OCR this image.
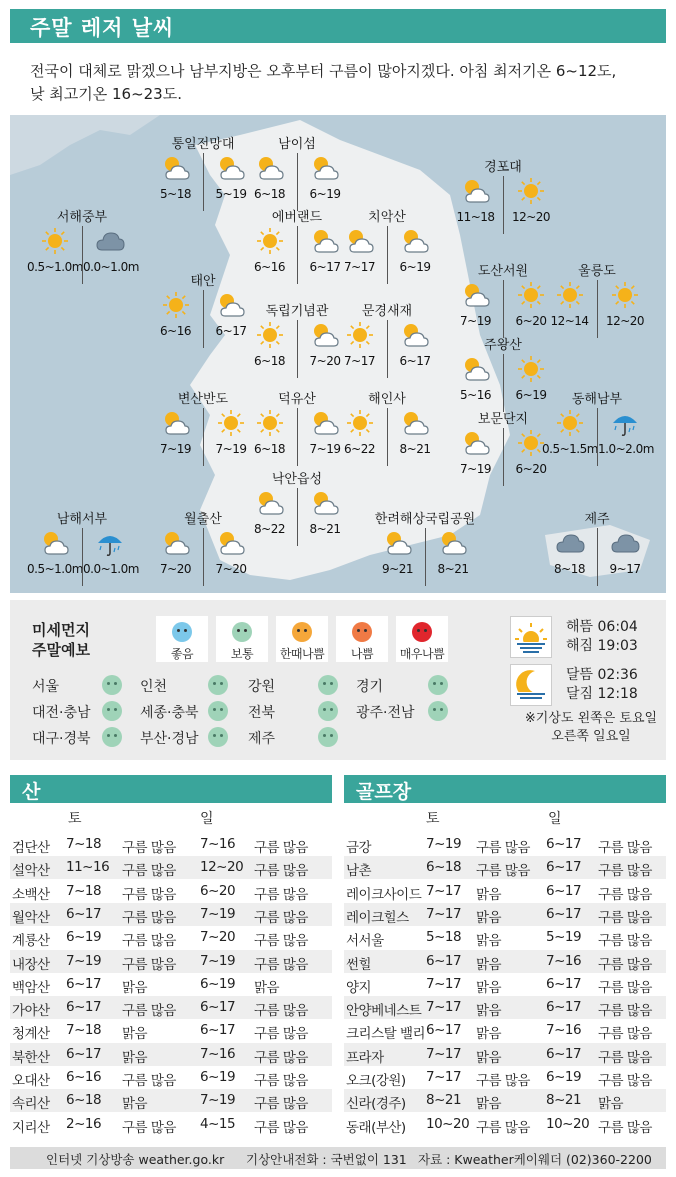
주말 레저 날씨
전국이 대체로 맑겠으나 남부지방은 오후부터 구름이 많아지겠다. 아침 최저기온 6~12도,
낮 최고기온 16~23도.
통일전망대
5~18	5~19
남이섬
6~18	6~19
경포대
11~18	12~20
서해중부
0.5~1.0m 0.0~1.0m
에버랜드
6~16	6~17
치악산
7~17	6~19
태안
6~16	6~17
도산서원
7~19	6~20
울릉도
12~14	12~20
독립기념관
6~18	7~20
문경새재
7~17	6~17
주왕산
5~16	6~19
변산반도
7~19	7~19
덕유산
6~18	7~19
해인사
6~22	8~21
보문단지
7~19	6~20
동해남부
0.5~1.5m 1.0~2.0m
낙안읍성
8~22	8~21
남해서부
0.5~1.0m 0.0~1.0m
월출산
7~20	7~20
한려해상국립공원
9~21	8~21
제주
8~18	9~17
미세먼지
주말예보	좋음	보통	한때나쁨	나쁨	매우나쁨
서울	인천	강원	경기
대전·충남	세종·충북	전북	광주·전남
대구·경북	부산·경남	제주
해뜸 06:04
해짐 19:03
달뜸 02:36
달짐 12:18
※기상도 왼쪽은 토요일
오른쪽 일요일
산	골프장
토	일	토	일
검단산 7~18 구름 많음 7~16 구름 많음
설악산 11~16 구름 많음 12~20 구름 많음
소백산 7~18 구름 많음 6~20 구름 많음
월악산 6~17 구름 많음 7~19 구름 많음
계룡산 6~19 구름 많음 7~20 구름 많음
내장산 7~19 구름 많음 7~19 구름 많음
백암산 6~17 맑음	6~19 맑음
가야산 6~17 구름 많음 6~17 구름 많음
청계산 7~18 맑음	6~17 구름 많음
북한산 6~17 맑음	7~16 구름 많음
오대산 6~16 구름 많음 6~19 구름 많음
속리산 6~18 맑음	7~19 구름 많음
지리산 2~16 구름 많음 4~15 구름 많음
금강	7~19 구름 많음 6~17 구름 많음
남촌	6~18 구름 많음 6~17 구름 많음
레이크사이드 7~17 맑음	6~17 구름 많음
레이크힐스 7~17 맑음	6~17 구름 많음
서서울	5~18 맑음	5~19 구름 많음
썬힐	6~17 맑음	7~16 구름 많음
양지	7~17 맑음	6~17 구름 많음
안양베네스트 7~17 맑음	6~17 구름 많음
크리스탈 밸리 6~17 맑음	7~16 구름 많음
프라자	7~17 맑음	6~17 구름 많음
오크(강원) 7~17 구름 많음 6~19 구름 많음
신라(경주) 8~21 맑음	8~21 맑음
동래(부산) 10~20 구름 많음 10~20 구름 많음
인터넷 기상방송 weather.go.kr 기상안내전화 : 국번없이 131 자료 : Kweather케이웨더 (02)360-2200
